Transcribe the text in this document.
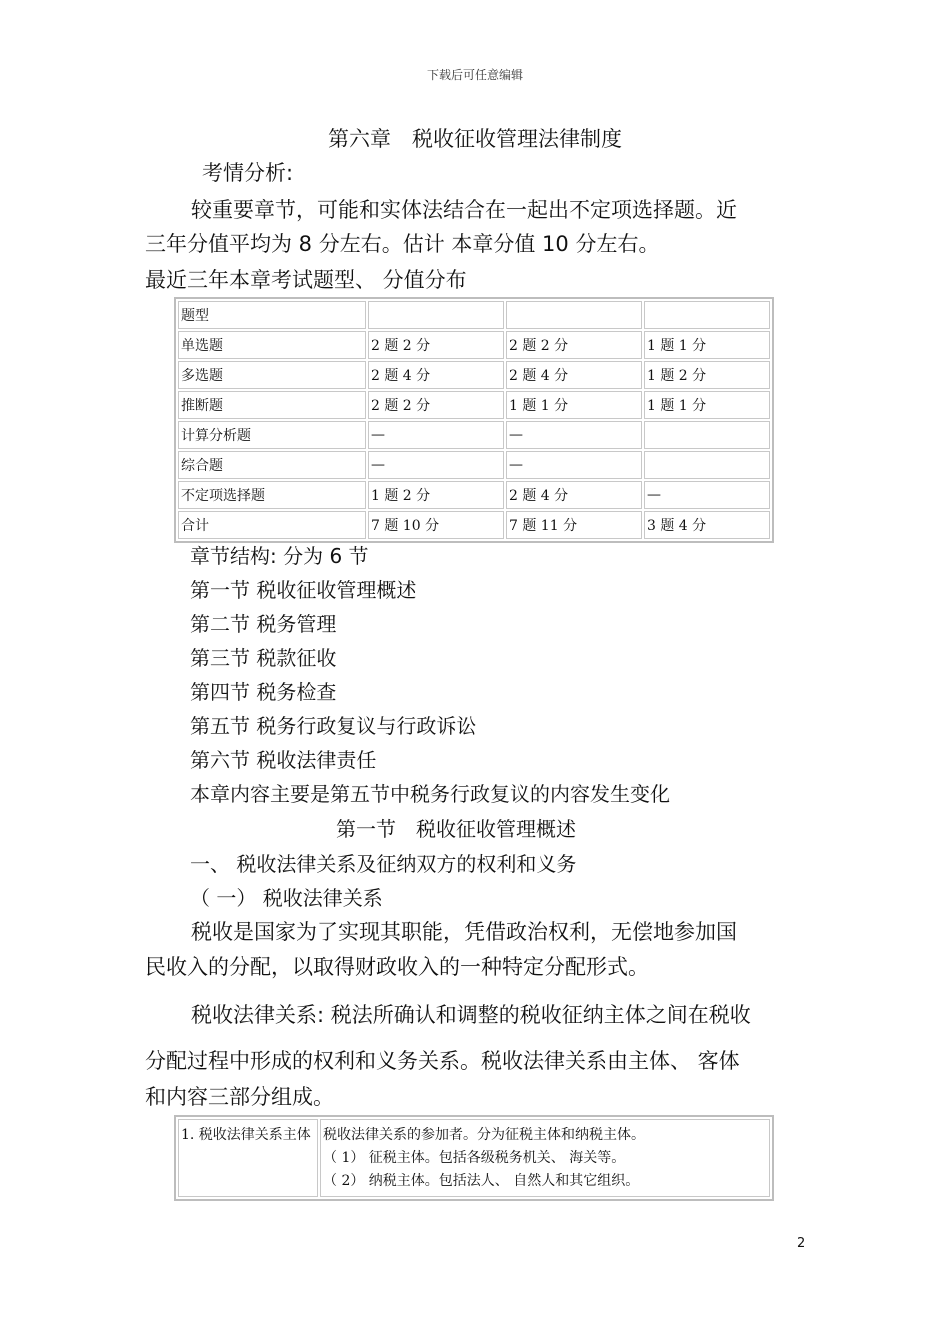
下载后可任意编辑
第六章　税收征收管理法律制度
考情分析:
较重要章节，可能和实体法结合在一起出不定项选择题。近
三年分值平均为 8 分左右。估计 本章分值 10 分左右。
最近三年本章考试题型、 分值分布
题型			
单选题	2 题 2 分	2 题 2 分	1 题 1 分
多选题	2 题 4 分	2 题 4 分	1 题 2 分
推断题	2 题 2 分	1 题 1 分	1 题 1 分
计算分析题	—	—	
综合题	—	—	
不定项选择题	1 题 2 分	2 题 4 分	—
合计	7 题 10 分	7 题 11 分	3 题 4 分
章节结构: 分为 6 节
第一节 税收征收管理概述
第二节 税务管理
第三节 税款征收
第四节 税务检查
第五节 税务行政复议与行政诉讼
第六节 税收法律责任
本章内容主要是第五节中税务行政复议的内容发生变化
第一节　税收征收管理概述
一、 税收法律关系及征纳双方的权利和义务
（ 一） 税收法律关系
税收是国家为了实现其职能，凭借政治权利，无偿地参加国
民收入的分配，以取得财政收入的一种特定分配形式。
税收法律关系: 税法所确认和调整的税收征纳主体之间在税收
分配过程中形成的权利和义务关系。税收法律关系由主体、 客体
和内容三部分组成。
1. 税收法律关系主体	税收法律关系的参加者。分为征税主体和纳税主体。
（ 1） 征税主体。包括各级税务机关、 海关等。
（ 2） 纳税主体。包括法人、 自然人和其它组织。
2
